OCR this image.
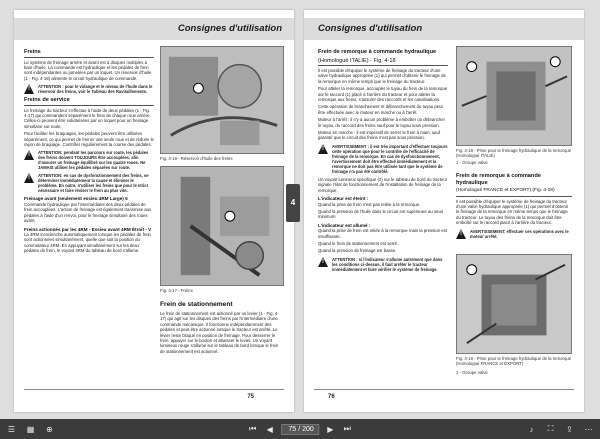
Consignes d'utilisation
Freins

Le système de freinage arrière et avant est à disques multiples à bain d'huile. La commande est hydraulique et les pédales de frein sont indépendantes ou jumelées par un loquet. Un réservoir d'huile (1 - Fig. 4-19) alimente le circuit hydraulique de commande.

!
ATTENTION : pour le vidange et le niveau de l'huile dans le réservoir des freins, voir le Tableau des Ravitaillements.
Freins de service

Le freinage du tracteur s'effectue à l'aide de deux pédales (1 - Fig. 4-17) qui commandent séparément le frein de chaque roue arrière. Celles-ci peuvent être solidarisées par un loquet pour un freinage simultané sur route.

Pour faciliter les braquages, les pédales peuvent être utilisées séparément, ce qui permet de freiner une seule roue et de réduire le rayon de braquage. Contrôler régulièrement la course des pédales.

!
ATTENTION: pendant les parcours sur route, les pédales des freins doivent TOUJOURS être accouplées, afin d'assurer un freinage équilibré sur les quatre roues. Ne JAMAIS utiliser les pédales séparées sur route.
!
ATTENTION: en cas de dysfonctionnement des freins, se déterminer immédiatement la cause et éliminer le problème. En outre, n'utiliser les freins que pour le strict nécessaire et faire réviser le frein au plus vite.
Freinage avant (seulement essieu 4RM Large) 5

Commande hydraulique par l'intermédiaire des deux pédales de frein accouplées. L'action de freinage est également transmise aux pédales à l'aide d'un renvoi, pour le freinage simultané des roues avant.

Freins actionnés par les 4RM - Essieu avant 4RM Étroit - V

La 4RM s'enclenche automatiquement lorsque les pédales de frein sont actionnées simultanément, quelle que soit la position du commutateur 4RM. En appuyant simultanément sur les deux pédales de frein, le voyant 4RM du tableau de bord s'allume.

Fig. 4-19 - Réservoir d'huile des freins
Fig. 4-17 - Freins
Frein de stationnement

Le frein de stationnement est actionné par un levier (1 - Fig. 4-17) qui agit sur les disques des freins par l'intermédiaire d'une commande mécanique. Il fonctionne indépendamment des pédales et peut être actionné lorsque le tracteur est arrêté. Le levier reste bloqué en position de freinage. Pour desserrer le frein, appuyer sur le bouton et abaisser le levier. Un voyant lumineux rouge s'allume sur le tableau de bord lorsque le frein de stationnement est actionné.

75
4
Consignes d'utilisation
Frein de remorque à commande hydraulique
(Homologué ITALIE) - Fig. 4-18

Il est possible d'équiper le système de freinage du tracteur d'une valve hydraulique appropriée (1) qui permet d'obtenir le freinage de la remorque en même temps que le freinage du tracteur.

Pour atteler la remorque, accoupler le tuyau du frein de la remorque sur le raccord (1) placé à l'arrière du tracteur et pour atteler la remorque aux freins, s'assurer des raccords et les canalisations.

Cette opération de branchement et débranchement du tuyau peut être effectuée avec le moteur en marche ou à l'arrêt.

Moteur à l'arrêt : il n'y a aucun problème à emboîter ou débrancher le tuyau, du raccord des freins sauf pour le tuyau sous pression.

Moteur en marche : il est impératif de serrer le frein à main, sauf garantir que le circuit des freins n'est pas sous pression.

!
AVERTISSEMENT : il est très important d'effectuer toujours cette opération que pour le contrôle de l'efficacité de freinage de la remorque. En cas de dysfonctionnement, l'avertissement doit être effectué immédiatement et la remorque ne doit pas être utilisée tant que le système de freinage n'a pas été contrôlé.

Un voyant lumineux spécifique (2) sur le tableau de bord du tracteur signale l'état de fonctionnement de l'installation de freinage de la remorque.

L'indicateur est éteint :

Quand la prise de frein n'est pas reliée à la remorque.

Quand la pression de l'huile dans le circuit est supérieure au seuil minimum.

L'indicateur est allumé :

Quand la prise de frein est reliée à la remorque mais la pression est insuffisante.

Quand le frein de stationnement est serré.

Quand la pression de freinage est basse.

!
ATTENTION : si l'indicateur s'allume autrement que dans les conditions ci-dessus, il faut arrêter le tracteur immédiatement et faire vérifier le système de freinage.
Fig. 4-18 - Prise pour le freinage hydraulique de la remorque (Homologué ITALIE)
1 - Groupe valve
Frein de remorque à commande hydraulique
(Homologué FRANCE et EXPORT) (Fig. 4-18)

Il est possible d'équiper le système de freinage du tracteur d'une valve hydraulique appropriée (1) qui permet d'obtenir le freinage de la remorque en même temps que le freinage du tracteur. Le tuyau des freins de la remorque doit être emboîté sur le raccord placé à l'arrière du tracteur.

!
AVERTISSEMENT: effectuer ces opérations avec le moteur arrêté.
Fig. 4-19 - Prise pour le freinage hydraulique de la remorque (Homologué FRANCE et EXPORT)
1 - Groupe valve
76
☰ ▦ ⊕	⏮	◀	75 / 200	▶	⏭	♪	⛶	⇪ ⋯
